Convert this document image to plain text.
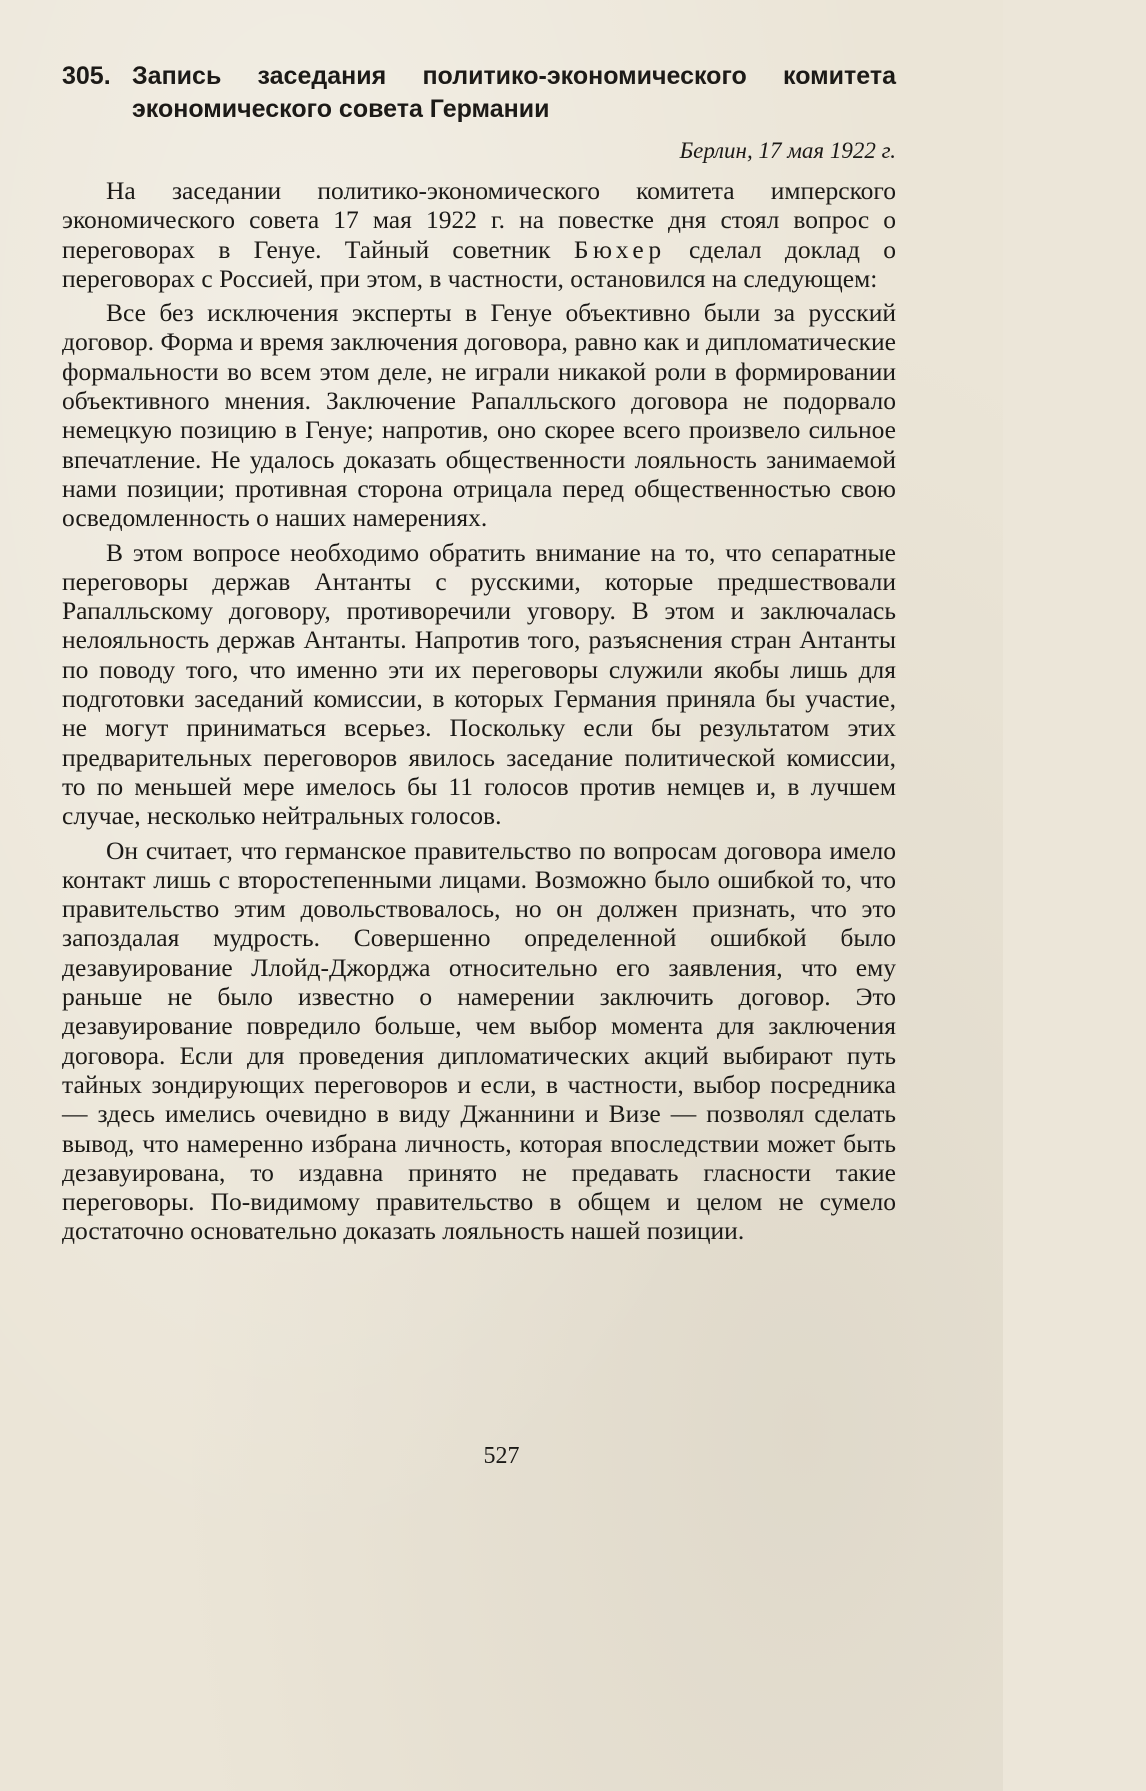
305. Запись заседания политико-экономического комитета экономического совета Германии
Берлин, 17 мая 1922 г.

На заседании политико-экономического комитета имперского экономического совета 17 мая 1922 г. на повестке дня стоял вопрос о переговорах в Генуе. Тайный советник Бюхер сделал доклад о переговорах с Россией, при этом, в частности, остановился на следующем:

Все без исключения эксперты в Генуе объективно были за русский договор. Форма и время заключения договора, равно как и дипломатические формальности во всем этом деле, не играли никакой роли в формировании объективного мнения. Заключение Рапалльского договора не подорвало немецкую позицию в Генуе; напротив, оно скорее всего произвело сильное впечатление. Не удалось доказать общественности лояльность занимаемой нами позиции; противная сторона отрицала перед общественностью свою осведомленность о наших намерениях.

В этом вопросе необходимо обратить внимание на то, что сепаратные переговоры держав Антанты с русскими, которые предшествовали Рапалльскому договору, противоречили уговору. В этом и заключалась нелояльность держав Антанты. Напротив того, разъяснения стран Антанты по поводу того, что именно эти их переговоры служили якобы лишь для подготовки заседаний комиссии, в которых Германия приняла бы участие, не могут приниматься всерьез. Поскольку если бы результатом этих предварительных переговоров явилось заседание политической комиссии, то по меньшей мере имелось бы 11 голосов против немцев и, в лучшем случае, несколько нейтральных голосов.

Он считает, что германское правительство по вопросам договора имело контакт лишь с второстепенными лицами. Возможно было ошибкой то, что правительство этим довольствовалось, но он должен признать, что это запоздалая мудрость. Совершенно определенной ошибкой было дезавуирование Ллойд-Джорджа относительно его заявления, что ему раньше не было известно о намерении заключить договор. Это дезавуирование повредило больше, чем выбор момента для заключения договора. Если для проведения дипломатических акций выбирают путь тайных зондирующих переговоров и если, в частности, выбор посредника — здесь имелись очевидно в виду Джаннини и Визе — позволял сделать вывод, что намеренно избрана личность, которая впоследствии может быть дезавуирована, то издавна принято не предавать гласности такие переговоры. По-видимому правительство в общем и целом не сумело достаточно основательно доказать лояльность нашей позиции.

527
